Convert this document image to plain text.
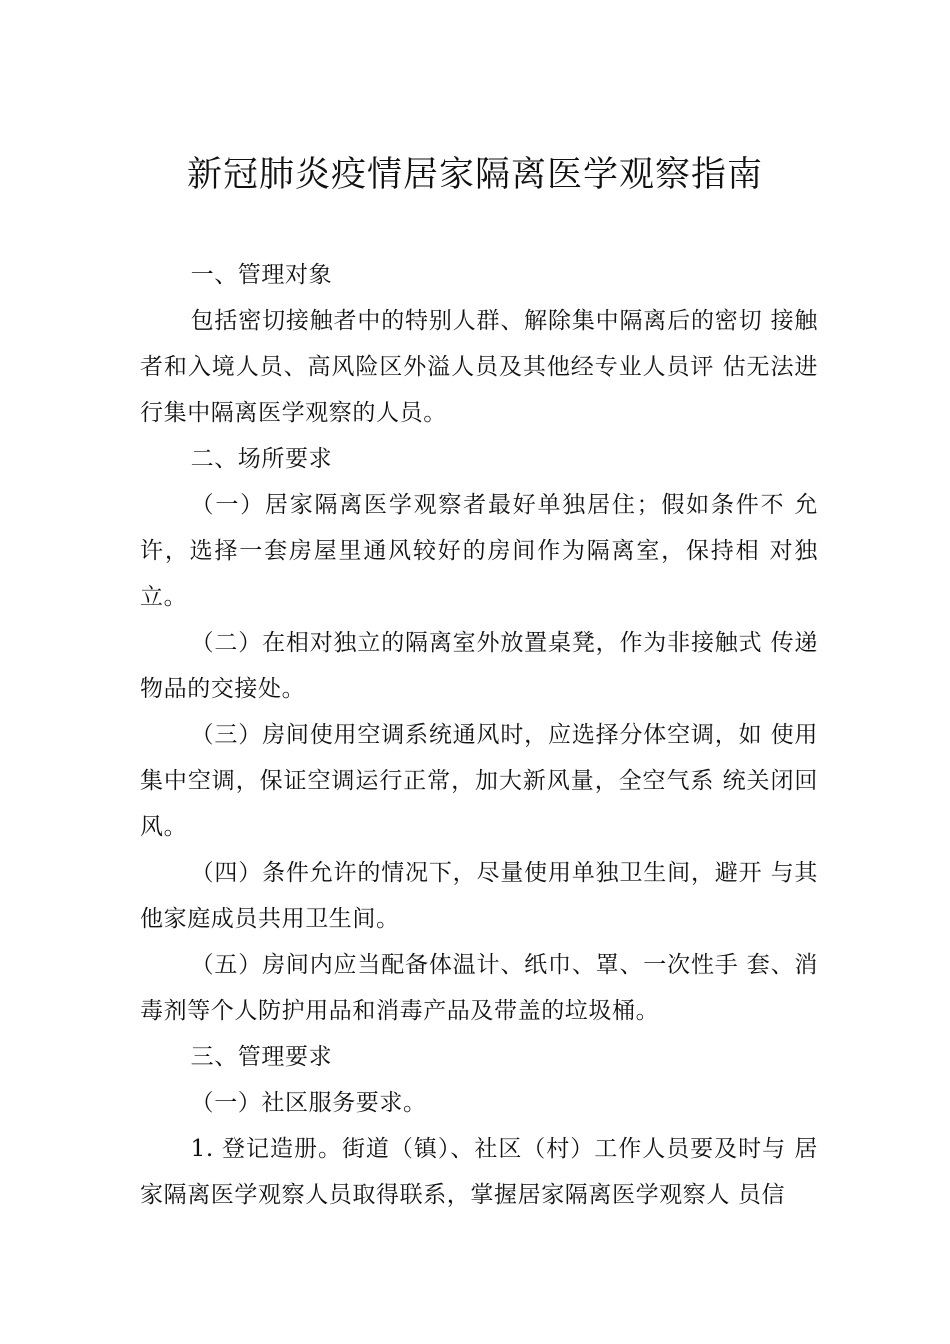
新冠肺炎疫情居家隔离医学观察指南

一、管理对象

包括密切接触者中的特别人群、解除集中隔离后的密切 接触者和入境人员、高风险区外溢人员及其他经专业人员评 估无法进行集中隔离医学观察的人员。

二、场所要求

（一）居家隔离医学观察者最好单独居住；假如条件不 允许，选择一套房屋里通风较好的房间作为隔离室，保持相 对独立。

（二）在相对独立的隔离室外放置桌凳，作为非接触式 传递物品的交接处。

（三）房间使用空调系统通风时，应选择分体空调，如 使用集中空调，保证空调运行正常，加大新风量，全空气系 统关闭回风。

（四）条件允许的情况下，尽量使用单独卫生间，避开 与其他家庭成员共用卫生间。

（五）房间内应当配备体温计、纸巾、罩、一次性手 套、消毒剂等个人防护用品和消毒产品及带盖的垃圾桶。

三、管理要求

（一）社区服务要求。

1. 登记造册。街道（镇）、社区（村）工作人员要及时与 居家隔离医学观察人员取得联系，掌握居家隔离医学观察人 员信
